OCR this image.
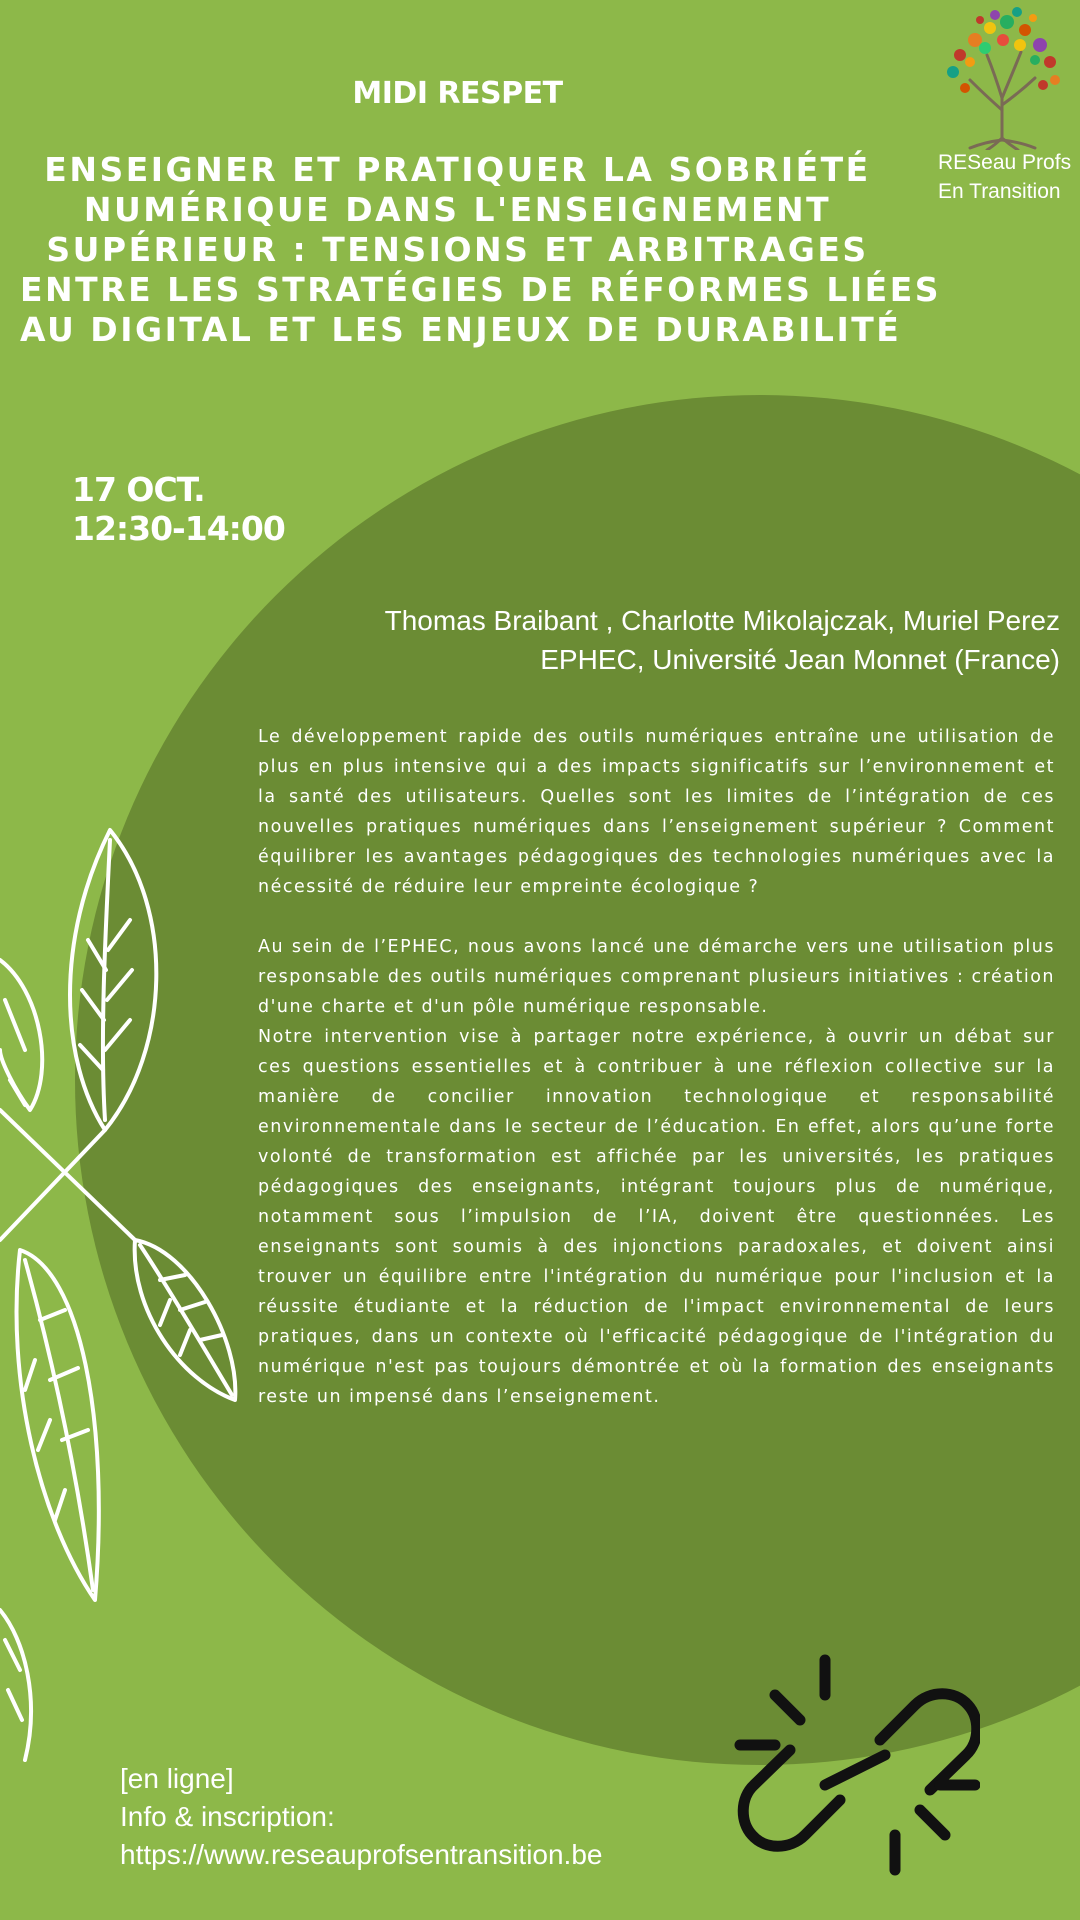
RESeau Profs
En Transition
MIDI RESPET
ENSEIGNER ET PRATIQUER LA SOBRIÉTÉ
NUMÉRIQUE DANS L'ENSEIGNEMENT
SUPÉRIEUR : TENSIONS ET ARBITRAGES
ENTRE LES STRATÉGIES DE RÉFORMES LIÉES
AU DIGITAL ET LES ENJEUX DE DURABILITÉ
17 OCT.
12:30-14:00
Thomas Braibant , Charlotte Mikolajczak, Muriel Perez
EPHEC, Université Jean Monnet (France)

Le développement rapide des outils numériques entraîne une utilisation de plus en plus intensive qui a des impacts significatifs sur l’environnement et la santé des utilisateurs. Quelles sont les limites de l’intégration de ces nouvelles pratiques numériques dans l’enseignement supérieur ? Comment équilibrer les avantages pédagogiques des technologies numériques avec la nécessité de réduire leur empreinte écologique ?

Au sein de l’EPHEC, nous avons lancé une démarche vers une utilisation plus responsable des outils numériques comprenant plusieurs initiatives : création d'une charte et d'un pôle numérique responsable.

Notre intervention vise à partager notre expérience, à ouvrir un débat sur ces questions essentielles et à contribuer à une réflexion collective sur la manière de concilier innovation technologique et responsabilité environnementale dans le secteur de l’éducation. En effet, alors qu’une forte volonté de transformation est affichée par les universités, les pratiques pédagogiques des enseignants, intégrant toujours plus de numérique, notamment sous l’impulsion de l’IA, doivent être questionnées. Les enseignants sont soumis à des injonctions paradoxales, et doivent ainsi trouver un équilibre entre l'intégration du numérique pour l'inclusion et la réussite étudiante et la réduction de l'impact environnemental de leurs pratiques, dans un contexte où l'efficacité pédagogique de l'intégration du numérique n'est pas toujours démontrée et où la formation des enseignants reste un impensé dans l’enseignement.

[en ligne]
Info & inscription:
https://www.reseauprofsentransition.be
